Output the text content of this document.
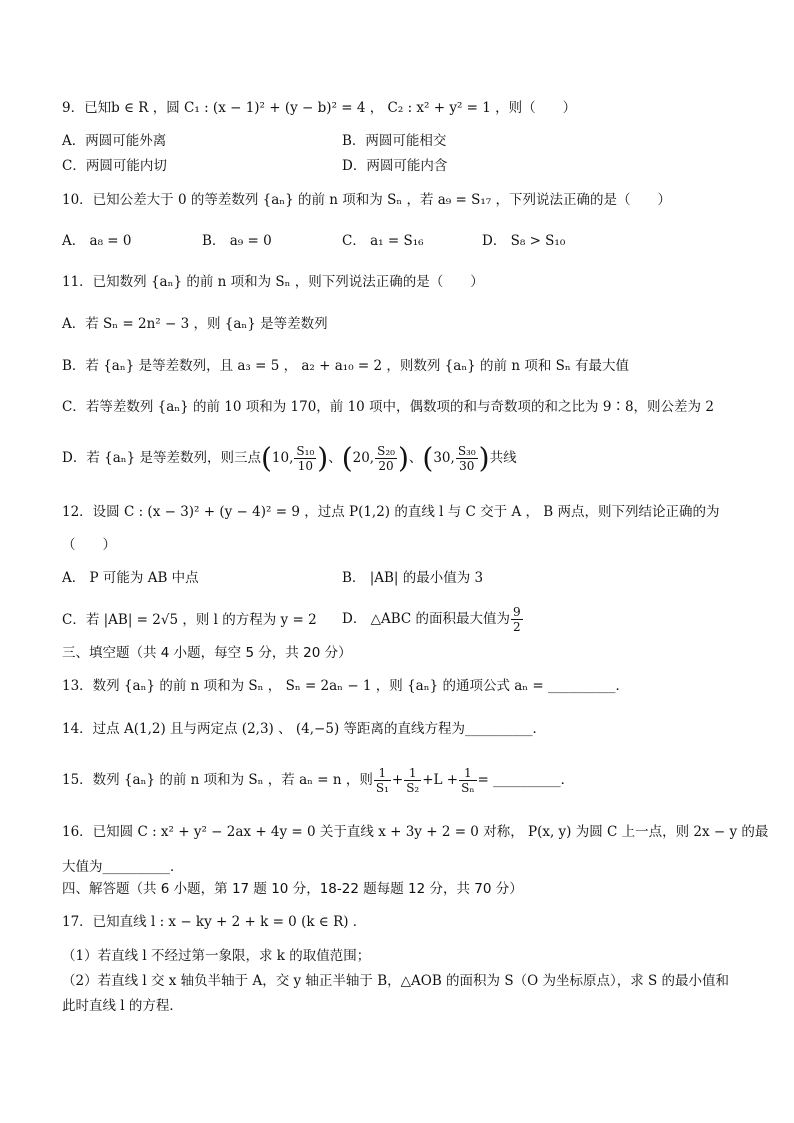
9．已知b ∈ R ，圆 C₁ : (x − 1)² + (y − b)² = 4 ， C₂ : x² + y² = 1 ，则（　　）
A．两圆可能外离	B．两圆可能相交
C．两圆可能内切	D．两圆可能内含
10．已知公差大于 0 的等差数列 {aₙ} 的前 n 项和为 Sₙ ，若 a₉ = S₁₇ ，下列说法正确的是（　　）
A． a₈ = 0	B． a₉ = 0	C． a₁ = S₁₆	D． S₈ > S₁₀
11．已知数列 {aₙ} 的前 n 项和为 Sₙ ，则下列说法正确的是（　　）
A．若 Sₙ = 2n² − 3 ，则 {aₙ} 是等差数列
B．若 {aₙ} 是等差数列，且 a₃ = 5 ， a₂ + a₁₀ = 2 ，则数列 {aₙ} 的前 n 项和 Sₙ 有最大值
C．若等差数列 {aₙ} 的前 10 项和为 170，前 10 项中，偶数项的和与奇数项的和之比为 9∶8，则公差为 2
D．若 {aₙ} 是等差数列，则三点(10, $\frac{\text{S₁₀}}{10}$ )、(20, $\frac{\text{S₂₀}}{20}$ )、(30, $\frac{\text{S₃₀}}{30}$ )共线
12．设圆 C : (x − 3)² + (y − 4)² = 9 ，过点 P(1,2) 的直线 l 与 C 交于 A ， B 两点，则下列结论正确的为
（　　）
A． P 可能为 AB 中点	B． |AB| 的最小值为 3
C．若 |AB| = 2√5 ，则 l 的方程为 y = 2 D． △ABC 的面积最大值为 $\frac{9}{2}$
三、填空题（共 4 小题，每空 5 分，共 20 分）
13．数列 {aₙ} 的前 n 项和为 Sₙ ， Sₙ = 2aₙ − 1 ，则 {aₙ} 的通项公式 aₙ = __________．
14．过点 A(1,2) 且与两定点 (2,3) 、 (4,−5) 等距离的直线方程为__________．
15．数列 {aₙ} 的前 n 项和为 Sₙ ，若 aₙ = n ，则 $\frac{1}{\text{S₁}} + \frac{1}{\text{S₂}} +L + \frac{1}{\text{Sₙ}}$ = __________．
16．已知圆 C : x² + y² − 2ax + 4y = 0 关于直线 x + 3y + 2 = 0 对称， P(x, y) 为圆 C 上一点，则 2x − y 的最
大值为__________．
四、解答题（共 6 小题，第 17 题 10 分，18-22 题每题 12 分，共 70 分）
17．已知直线 l : x − ky + 2 + k = 0 (k ∈ R) ．
（1）若直线 l 不经过第一象限，求 k 的取值范围；
（2）若直线 l 交 x 轴负半轴于 A，交 y 轴正半轴于 B，△AOB 的面积为 S（O 为坐标原点），求 S 的最小值和
此时直线 l 的方程．
